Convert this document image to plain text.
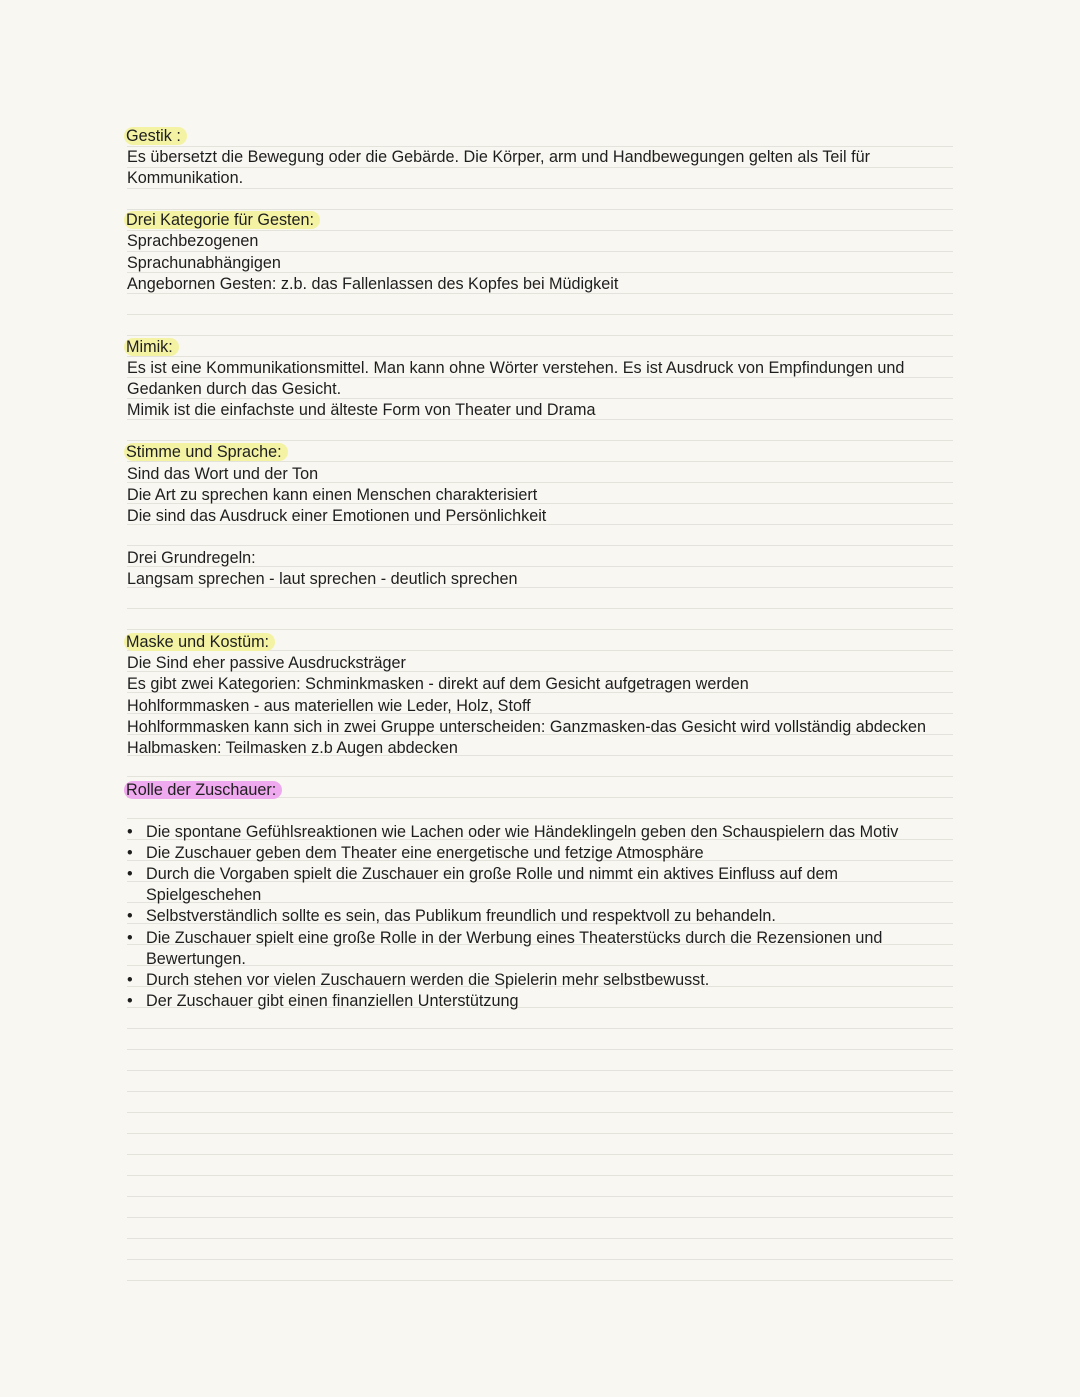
Gestik :
Es übersetzt die Bewegung oder die Gebärde. Die Körper, arm und Handbewegungen gelten als Teil für
Kommunikation.
Drei Kategorie für Gesten:
Sprachbezogenen
Sprachunabhängigen
Angebornen Gesten: z.b. das Fallenlassen des Kopfes bei Müdigkeit
Mimik:
Es ist eine Kommunikationsmittel. Man kann ohne Wörter verstehen. Es ist Ausdruck von Empfindungen und
Gedanken durch das Gesicht.
Mimik ist die einfachste und älteste Form von Theater und Drama
Stimme und Sprache:
Sind das Wort und der Ton
Die Art zu sprechen kann einen Menschen charakterisiert
Die sind das Ausdruck einer Emotionen und Persönlichkeit
Drei Grundregeln:
Langsam sprechen - laut sprechen - deutlich sprechen
Maske und Kostüm:
Die Sind eher passive Ausdrucksträger
Es gibt zwei Kategorien: Schminkmasken - direkt auf dem Gesicht aufgetragen werden
Hohlformmasken - aus materiellen wie Leder, Holz, Stoff
Hohlformmasken kann sich in zwei Gruppe unterscheiden: Ganzmasken-das Gesicht wird vollständig abdecken
Halbmasken: Teilmasken z.b Augen abdecken
Rolle der Zuschauer:
• Die spontane Gefühlsreaktionen wie Lachen oder wie Händeklingeln geben den Schauspielern das Motiv
• Die Zuschauer geben dem Theater eine energetische und fetzige Atmosphäre
• Durch die Vorgaben spielt die Zuschauer ein große Rolle und nimmt ein aktives Einfluss auf dem
Spielgeschehen
• Selbstverständlich sollte es sein, das Publikum freundlich und respektvoll zu behandeln.
• Die Zuschauer spielt eine große Rolle in der Werbung eines Theaterstücks durch die Rezensionen und
Bewertungen.
• Durch stehen vor vielen Zuschauern werden die Spielerin mehr selbstbewusst.
• Der Zuschauer gibt einen finanziellen Unterstützung
